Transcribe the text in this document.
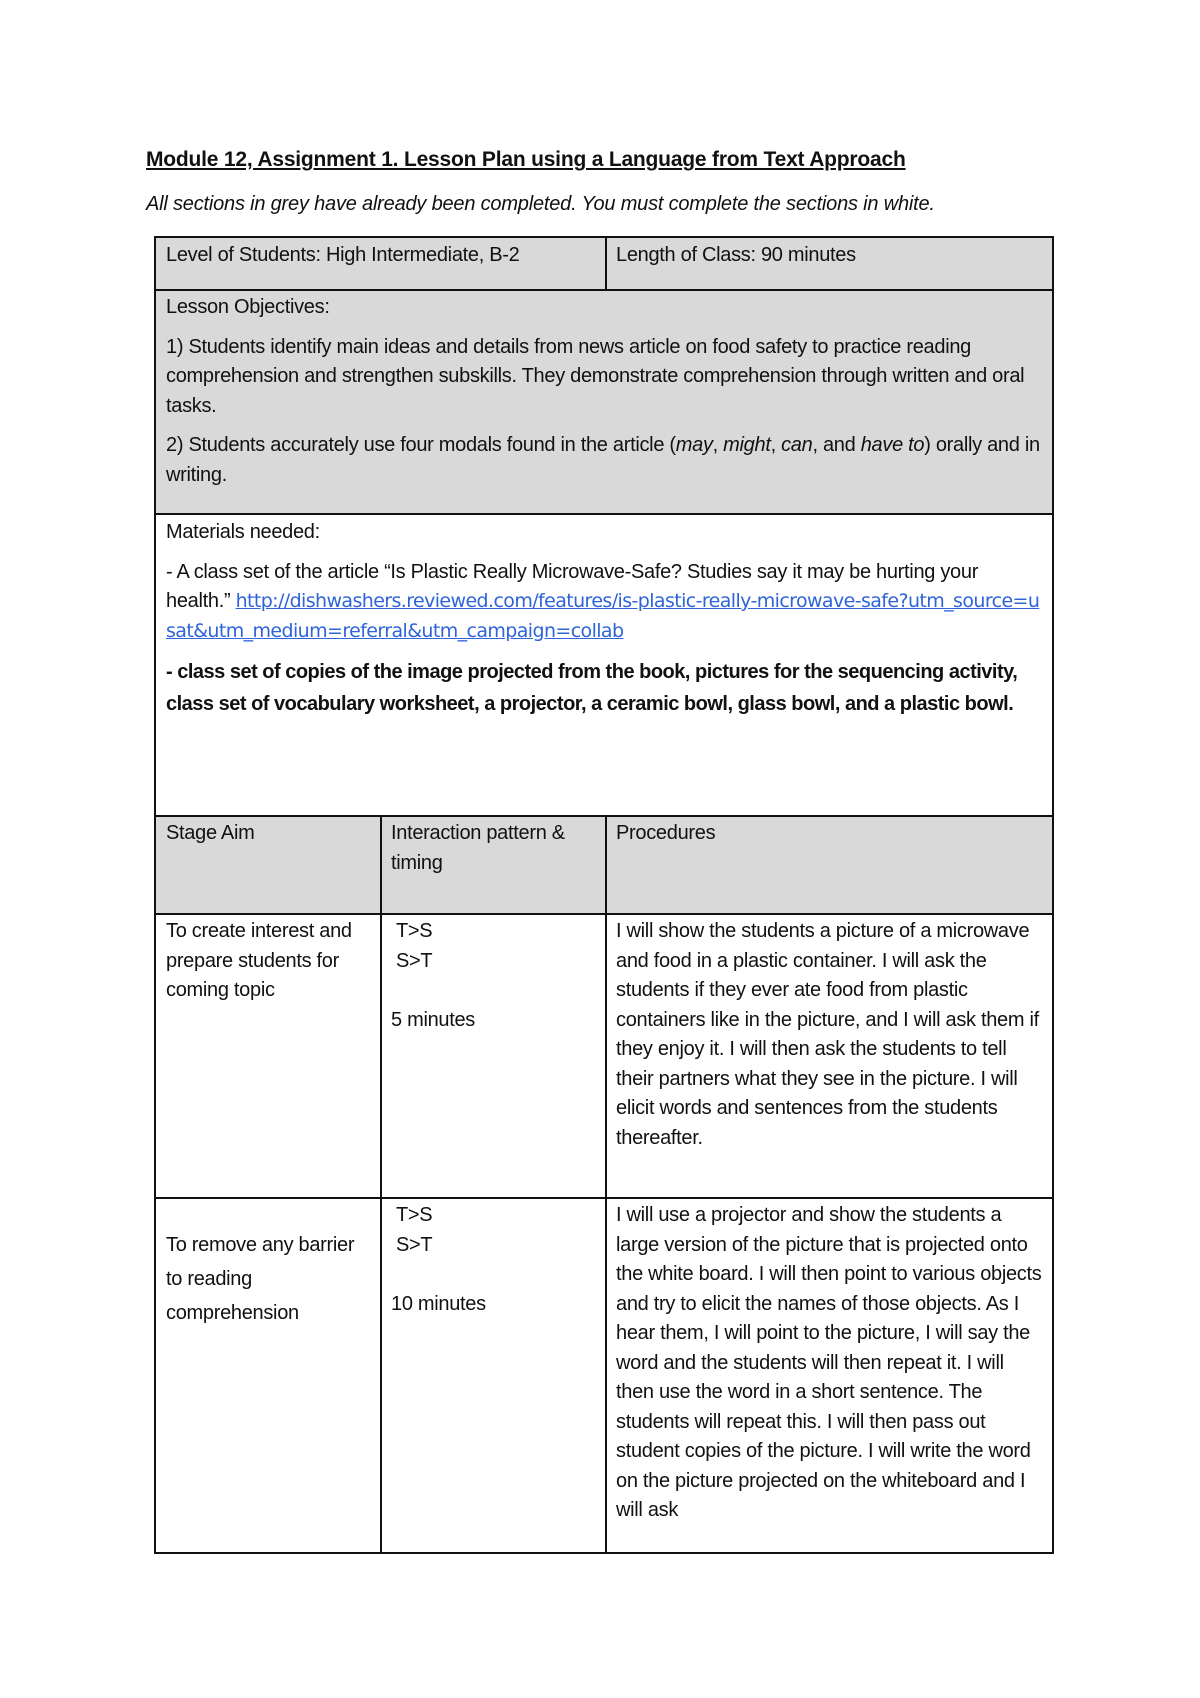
Module 12, Assignment 1. Lesson Plan using a Language from Text Approach
All sections in grey have already been completed. You must complete the sections in white.
Level of Students: High Intermediate, B-2	Length of Class: 90 minutes

Lesson Objectives:

1) Students identify main ideas and details from news article on food safety to practice reading comprehension and strengthen subskills. They demonstrate comprehension through written and oral tasks.

2) Students accurately use four modals found in the article (may, might, can, and have to) orally and in writing.

Materials needed:

- A class set of the article “Is Plastic Really Microwave-Safe? Studies say it may be hurting your health.” http://dishwashers.reviewed.com/features/is-plastic-really-microwave-safe?utm_source=usat&utm_medium=referral&utm_campaign=collab

- class set of copies of the image projected from the book, pictures for the sequencing activity, class set of vocabulary worksheet, a projector, a ceramic bowl, glass bowl, and a plastic bowl.

Stage Aim	Interaction pattern & timing
Procedures
To create interest and prepare students for coming topic

T>S

S>T

5 minutes

I will show the students a picture of a microwave and food in a plastic container. I will ask the students if they ever ate food from plastic containers like in the picture, and I will ask them if they enjoy it. I will then ask the students to tell their partners what they see in the picture. I will elicit words and sentences from the students thereafter.
To remove any barrier to reading comprehension

T>S

S>T

10 minutes

I will use a projector and show the students a large version of the picture that is projected onto the white board. I will then point to various objects and try to elicit the names of those objects. As I hear them, I will point to the picture, I will say the word and the students will then repeat it. I will then use the word in a short sentence. The students will repeat this. I will then pass out student copies of the picture. I will write the word on the picture projected on the whiteboard and I will ask
